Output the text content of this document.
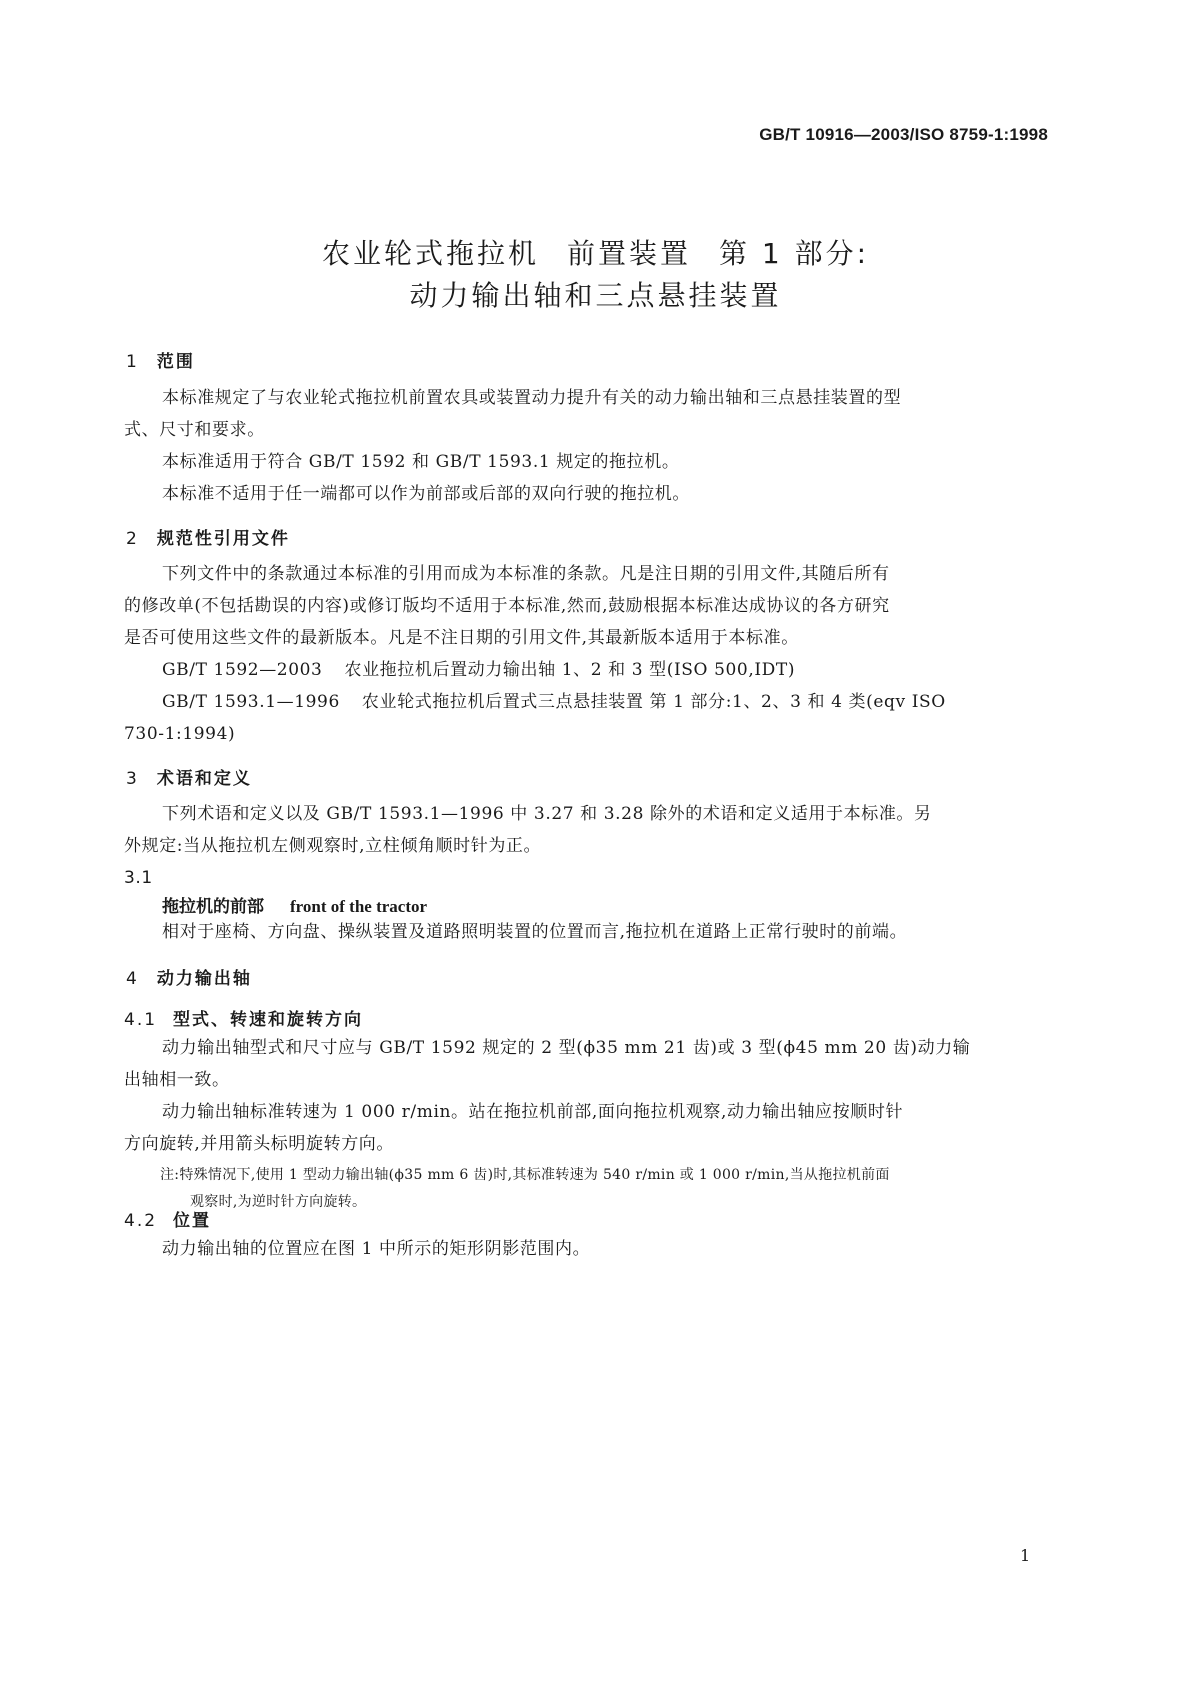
GB/T 10916—2003/ISO 8759-1:1998
农业轮式拖拉机 前置装置 第 1 部分:
动力输出轴和三点悬挂装置
1 范围
本标准规定了与农业轮式拖拉机前置农具或装置动力提升有关的动力输出轴和三点悬挂装置的型
式、尺寸和要求。
本标准适用于符合 GB/T 1592 和 GB/T 1593.1 规定的拖拉机。
本标准不适用于任一端都可以作为前部或后部的双向行驶的拖拉机。
2 规范性引用文件
下列文件中的条款通过本标准的引用而成为本标准的条款。凡是注日期的引用文件,其随后所有
的修改单(不包括勘误的内容)或修订版均不适用于本标准,然而,鼓励根据本标准达成协议的各方研究
是否可使用这些文件的最新版本。凡是不注日期的引用文件,其最新版本适用于本标准。
GB/T 1592—2003 农业拖拉机后置动力输出轴 1、2 和 3 型(ISO 500,IDT)
GB/T 1593.1—1996 农业轮式拖拉机后置式三点悬挂装置 第 1 部分:1、2、3 和 4 类(eqv ISO
730-1:1994)
3 术语和定义
下列术语和定义以及 GB/T 1593.1—1996 中 3.27 和 3.28 除外的术语和定义适用于本标准。另
外规定:当从拖拉机左侧观察时,立柱倾角顺时针为正。
3.1
拖拉机的前部 front of the tractor
相对于座椅、方向盘、操纵装置及道路照明装置的位置而言,拖拉机在道路上正常行驶时的前端。
4 动力输出轴
4.1 型式、转速和旋转方向
动力输出轴型式和尺寸应与 GB/T 1592 规定的 2 型(ϕ35 mm 21 齿)或 3 型(ϕ45 mm 20 齿)动力输
出轴相一致。
动力输出轴标准转速为 1 000 r/min。站在拖拉机前部,面向拖拉机观察,动力输出轴应按顺时针
方向旋转,并用箭头标明旋转方向。
注:特殊情况下,使用 1 型动力输出轴(ϕ35 mm 6 齿)时,其标准转速为 540 r/min 或 1 000 r/min,当从拖拉机前面
观察时,为逆时针方向旋转。
4.2 位置
动力输出轴的位置应在图 1 中所示的矩形阴影范围内。
1
